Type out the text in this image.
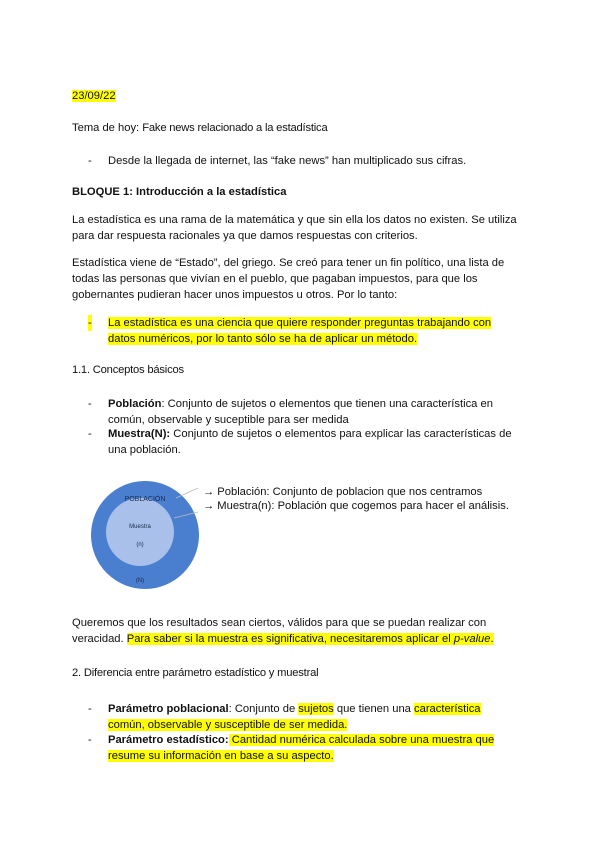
23/09/22
Tema de hoy: Fake news relacionado a la estadística
-	Desde la llegada de internet, las “fake news” han multiplicado sus cifras.
BLOQUE 1: Introducción a la estadística
La estadística es una rama de la matemática y que sin ella los datos no existen. Se utiliza para dar respuesta racionales ya que damos respuestas con criterios.
Estadística viene de “Estado”, del griego. Se creó para tener un fin político, una lista de todas las personas que vivían en el pueblo, que pagaban impuestos, para que los gobernantes pudieran hacer unos impuestos u otros. Por lo tanto:
-	La estadística es una ciencia que quiere responder preguntas trabajando con datos numéricos, por lo tanto sólo se ha de aplicar un método.
1.1. Conceptos básicos
-	Población: Conjunto de sujetos o elementos que tienen una característica en común, observable y suceptible para ser medida
-	Muestra(N): Conjunto de sujetos o elementos para explicar las características de una población.
POBLACIÓN
Muestra
(n)
(N)
→ Población: Conjunto de poblacion que nos centramos
→ Muestra(n): Población que cogemos para hacer el análisis.
Queremos que los resultados sean ciertos, válidos para que se puedan realizar con veracidad. Para saber si la muestra es significativa, necesitaremos aplicar el p-value.
2. Diferencia entre parámetro estadístico y muestral
-	Parámetro poblacional: Conjunto de sujetos que tienen una característica común, observable y susceptible de ser medida.
-	Parámetro estadístico: Cantidad numérica calculada sobre una muestra que resume su información en base a su aspecto.
